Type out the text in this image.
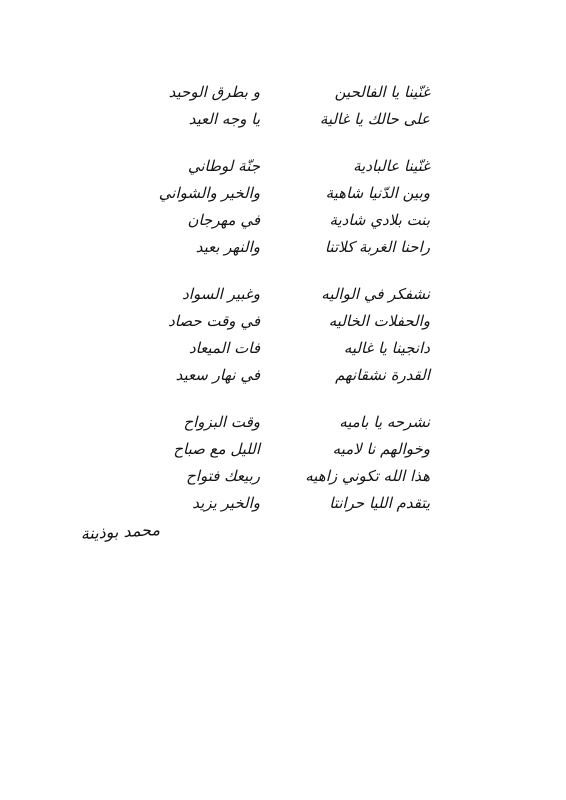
غنّينا يا الفالحين
و بطرق الوحيد
على حالك يا غالية
يا وجه العيد
غنّينا عالبادية
جنّة لوطاني
وبين الدّنيا شاهية
والخير والشواني
بنت بلادي شادية
في مهرجان
راحنا الغربة كلاتنا
والنهر بعيد
نشفكر في الواليه
وغبير السواد
والحفلات الخاليه
في وقت حصاد
دانجينا يا غاليه
فات الميعاد
القدرة نشقانهم
في نهار سعيد
نشرحه يا باميه
وقت البزواح
وخوالهم نا لاميه
الليل مع صباح
هذا الله تكوني زاهيه
ربيعك فتواح
يتقدم الليا حرانتا
والخير يزيد
محمد بوذينة
